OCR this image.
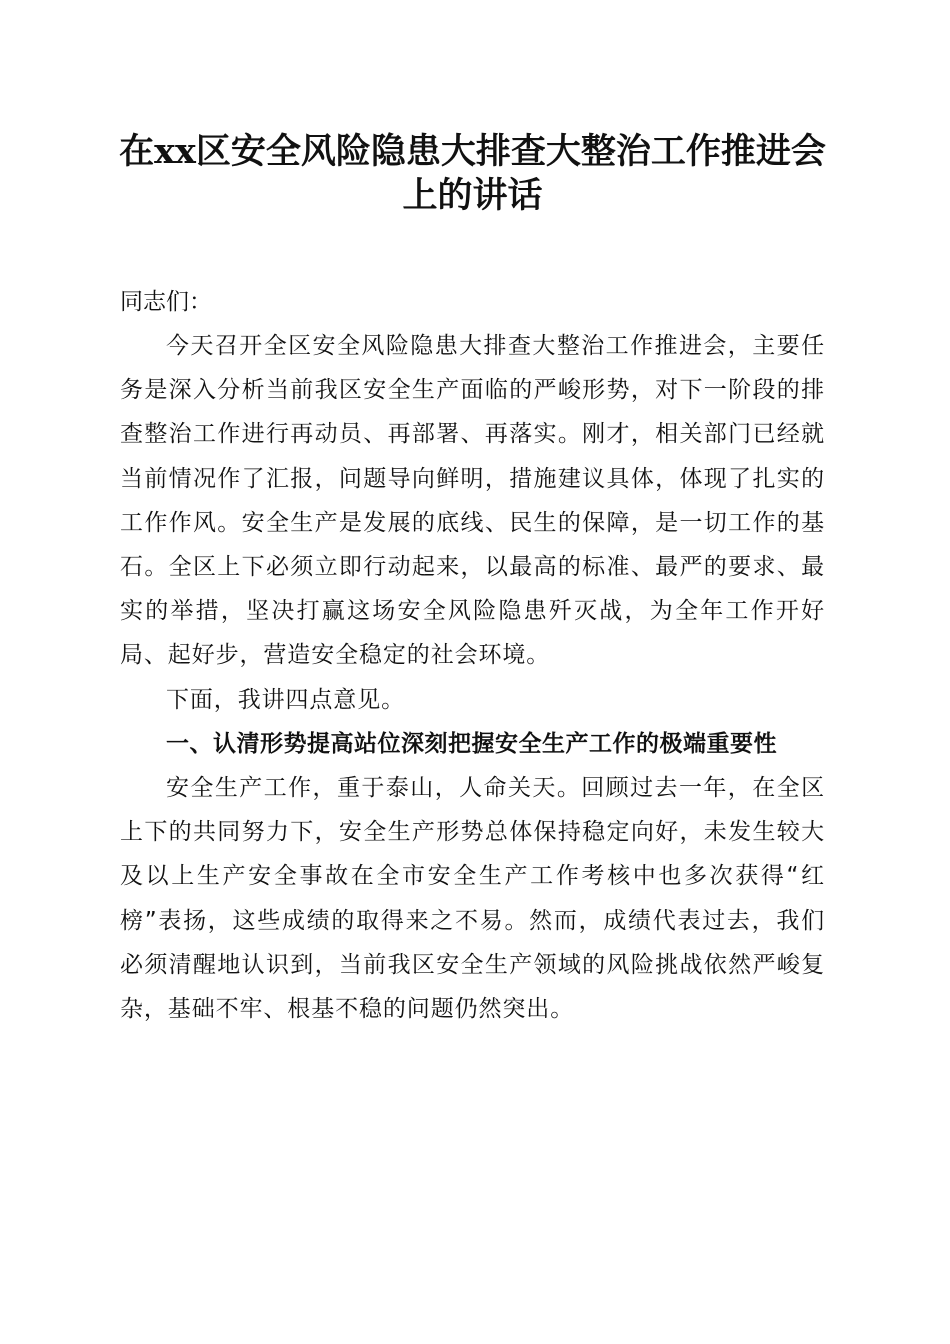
在xx区安全风险隐患大排查大整治工作推进会上的讲话
同志们：

今天召开全区安全风险隐患大排查大整治工作推进会，主要任务是深入分析当前我区安全生产面临的严峻形势，对下一阶段的排查整治工作进行再动员、再部署、再落实。刚才，相关部门已经就当前情况作了汇报，问题导向鲜明，措施建议具体，体现了扎实的工作作风。安全生产是发展的底线、民生的保障，是一切工作的基石。全区上下必须立即行动起来，以最高的标准、最严的要求、最实的举措，坚决打赢这场安全风险隐患歼灭战，为全年工作开好局、起好步，营造安全稳定的社会环境。

下面，我讲四点意见。

一、认清形势提高站位深刻把握安全生产工作的极端重要性

安全生产工作，重于泰山，人命关天。回顾过去一年，在全区上下的共同努力下，安全生产形势总体保持稳定向好，未发生较大及以上生产安全事故在全市安全生产工作考核中也多次获得“红榜”表扬，这些成绩的取得来之不易。然而，成绩代表过去，我们必须清醒地认识到，当前我区安全生产领域的风险挑战依然严峻复杂，基础不牢、根基不稳的问题仍然突出。
